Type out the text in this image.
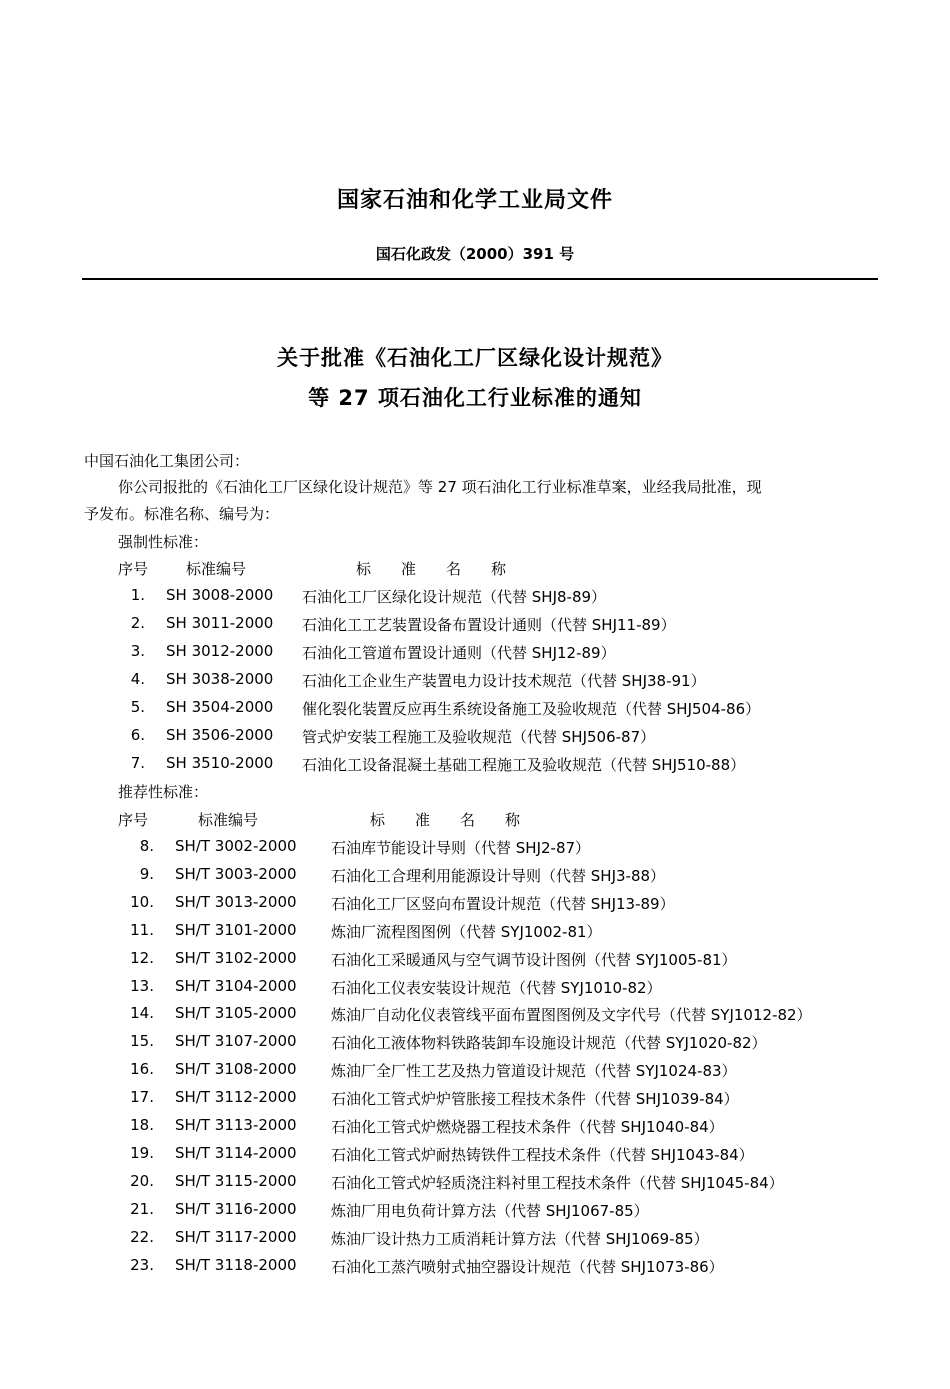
国家石油和化学工业局文件
国石化政发（2000）391 号
关于批准《石油化工厂区绿化设计规范》
等 27 项石油化工行业标准的通知
中国石油化工集团公司：
你公司报批的《石油化工厂区绿化设计规范》等 27 项石油化工行业标准草案，业经我局批准，现
予发布。标准名称、编号为：
强制性标准：
序号	标准编号	标　　准　　名　　称
1. SH 3008-2000 石油化工厂区绿化设计规范（代替 SHJ8-89）
2. SH 3011-2000 石油化工工艺装置设备布置设计通则（代替 SHJ11-89）
3. SH 3012-2000 石油化工管道布置设计通则（代替 SHJ12-89）
4. SH 3038-2000 石油化工企业生产装置电力设计技术规范（代替 SHJ38-91）
5. SH 3504-2000 催化裂化装置反应再生系统设备施工及验收规范（代替 SHJ504-86）
6. SH 3506-2000 管式炉安装工程施工及验收规范（代替 SHJ506-87）
7. SH 3510-2000 石油化工设备混凝土基础工程施工及验收规范（代替 SHJ510-88）
推荐性标准：
序号	标准编号	标　　准　　名　　称
8. SH/T 3002-2000 石油库节能设计导则（代替 SHJ2-87）
9. SH/T 3003-2000 石油化工合理利用能源设计导则（代替 SHJ3-88）
10. SH/T 3013-2000 石油化工厂区竖向布置设计规范（代替 SHJ13-89）
11. SH/T 3101-2000 炼油厂流程图图例（代替 SYJ1002-81）
12. SH/T 3102-2000 石油化工采暖通风与空气调节设计图例（代替 SYJ1005-81）
13. SH/T 3104-2000 石油化工仪表安装设计规范（代替 SYJ1010-82）
14. SH/T 3105-2000 炼油厂自动化仪表管线平面布置图图例及文字代号（代替 SYJ1012-82）
15. SH/T 3107-2000 石油化工液体物料铁路装卸车设施设计规范（代替 SYJ1020-82）
16. SH/T 3108-2000 炼油厂全厂性工艺及热力管道设计规范（代替 SYJ1024-83）
17. SH/T 3112-2000 石油化工管式炉炉管胀接工程技术条件（代替 SHJ1039-84）
18. SH/T 3113-2000 石油化工管式炉燃烧器工程技术条件（代替 SHJ1040-84）
19. SH/T 3114-2000 石油化工管式炉耐热铸铁件工程技术条件（代替 SHJ1043-84）
20. SH/T 3115-2000 石油化工管式炉轻质浇注料衬里工程技术条件（代替 SHJ1045-84）
21. SH/T 3116-2000 炼油厂用电负荷计算方法（代替 SHJ1067-85）
22. SH/T 3117-2000 炼油厂设计热力工质消耗计算方法（代替 SHJ1069-85）
23. SH/T 3118-2000 石油化工蒸汽喷射式抽空器设计规范（代替 SHJ1073-86）
